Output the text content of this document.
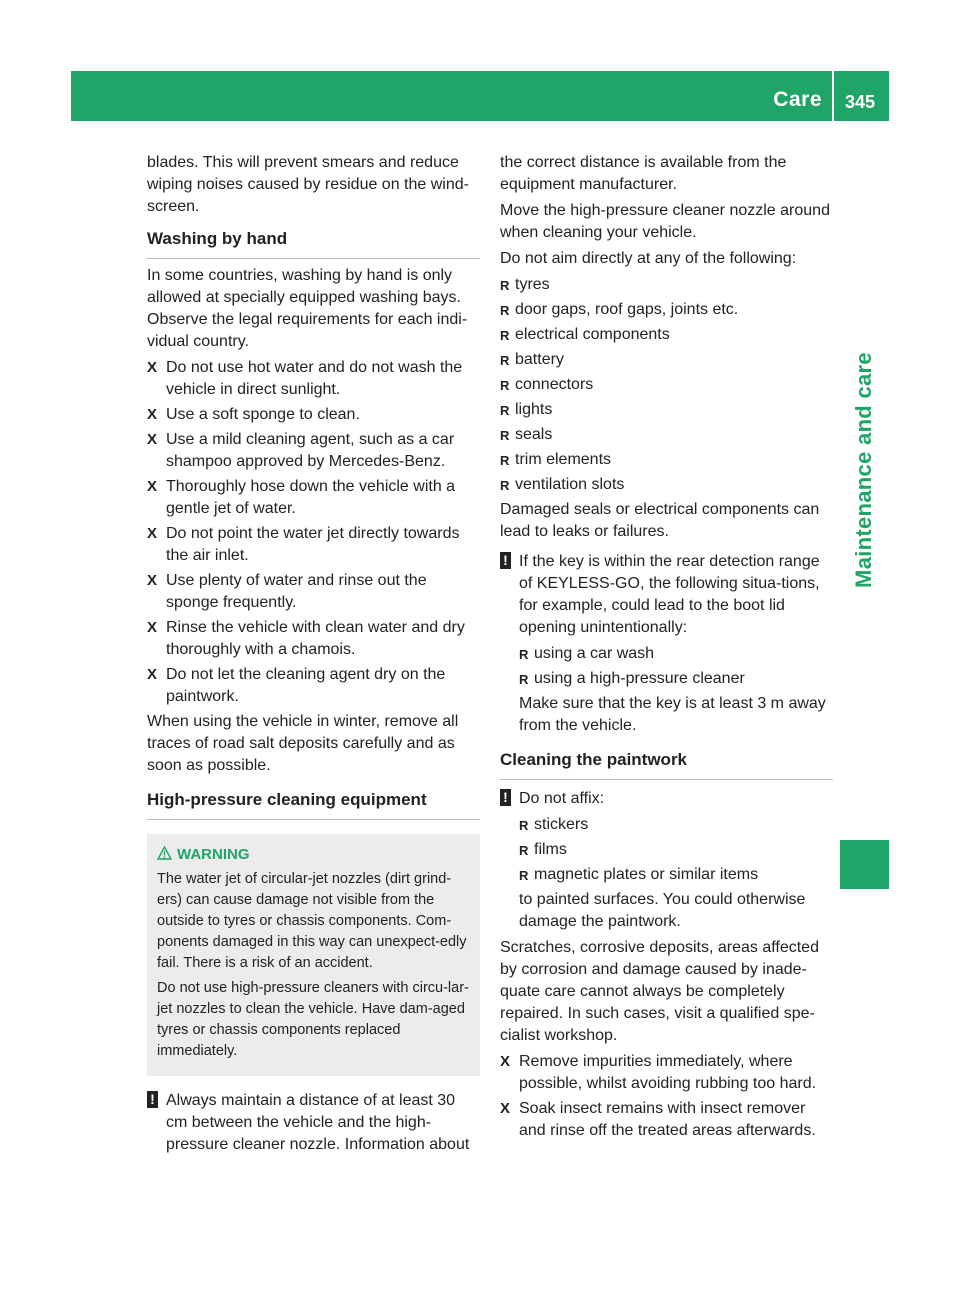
Care 345
Maintenance and care

blades. This will prevent smears and reduce wiping noises caused by residue on the wind-screen.

Washing by hand

In some countries, washing by hand is only allowed at specially equipped washing bays. Observe the legal requirements for each indi-vidual country.

X Do not use hot water and do not wash the vehicle in direct sunlight.
X Use a soft sponge to clean.
X Use a mild cleaning agent, such as a car shampoo approved by Mercedes-Benz.
X Thoroughly hose down the vehicle with a gentle jet of water.
X Do not point the water jet directly towards the air inlet.
X Use plenty of water and rinse out the sponge frequently.
X Rinse the vehicle with clean water and dry thoroughly with a chamois.
X Do not let the cleaning agent dry on the paintwork.

When using the vehicle in winter, remove all traces of road salt deposits carefully and as soon as possible.

High-pressure cleaning equipment
WARNING

The water jet of circular-jet nozzles (dirt grind-ers) can cause damage not visible from the outside to tyres or chassis components. Com-ponents damaged in this way can unexpect-edly fail. There is a risk of an accident.

Do not use high-pressure cleaners with circu-lar-jet nozzles to clean the vehicle. Have dam-aged tyres or chassis components replaced immediately.

! Always maintain a distance of at least 30 cm between the vehicle and the high-pressure cleaner nozzle. Information about

the correct distance is available from the equipment manufacturer.

Move the high-pressure cleaner nozzle around when cleaning your vehicle.

Do not aim directly at any of the following:

R tyres
R door gaps, roof gaps, joints etc.
R electrical components
R battery
R connectors
R lights
R seals
R trim elements
R ventilation slots

Damaged seals or electrical components can lead to leaks or failures.

! If the key is within the rear detection range of KEYLESS-GO, the following situa-tions, for example, could lead to the boot lid opening unintentionally:
R using a car wash
R using a high-pressure cleaner

Make sure that the key is at least 3 m away from the vehicle.

Cleaning the paintwork
! Do not affix:
R stickers
R films
R magnetic plates or similar items

to painted surfaces. You could otherwise damage the paintwork.

Scratches, corrosive deposits, areas affected by corrosion and damage caused by inade-quate care cannot always be completely repaired. In such cases, visit a qualified spe-cialist workshop.

X Remove impurities immediately, where possible, whilst avoiding rubbing too hard.
X Soak insect remains with insect remover and rinse off the treated areas afterwards.
